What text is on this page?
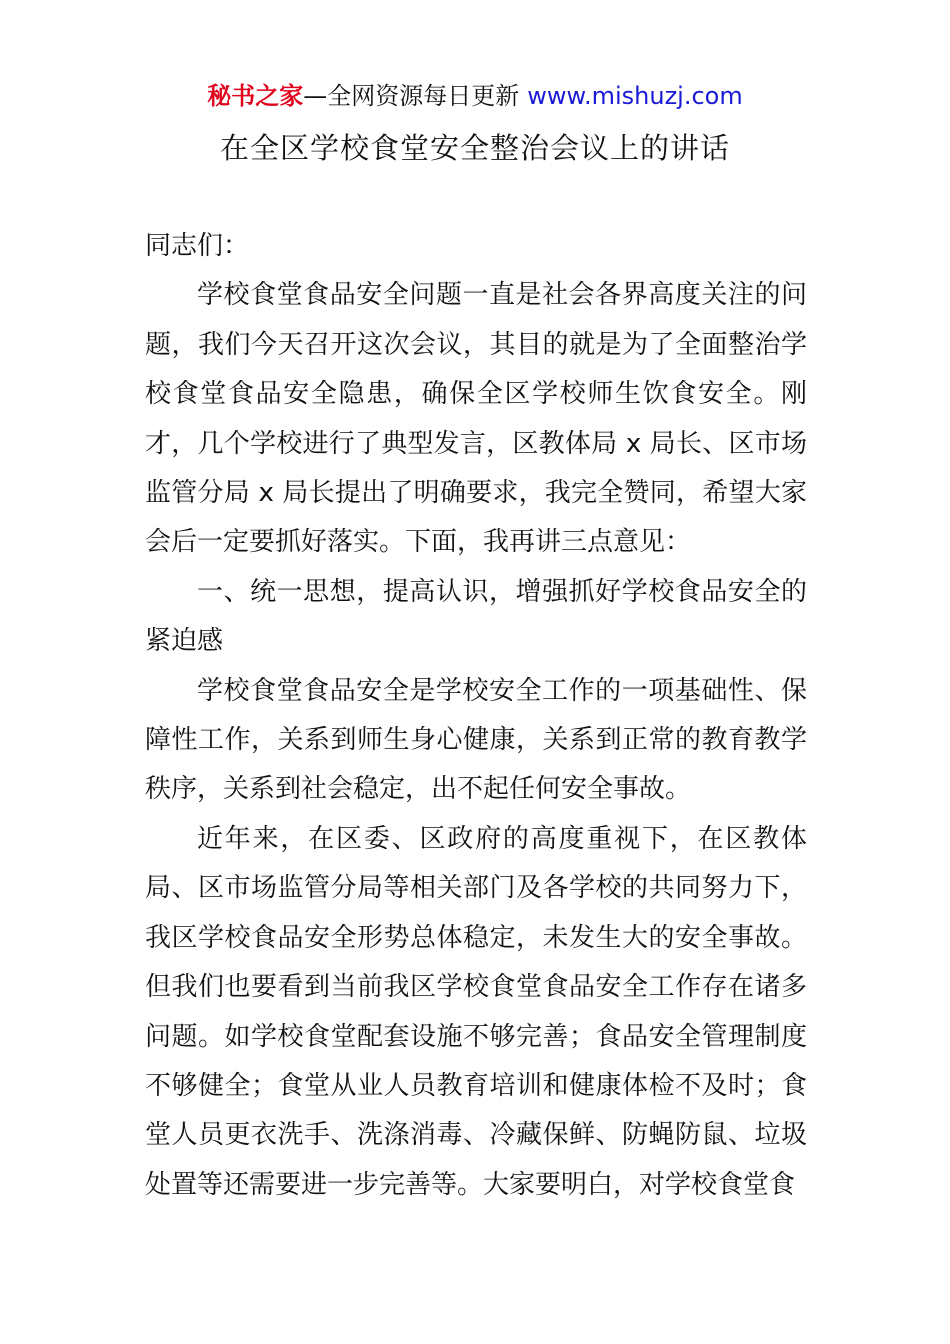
秘书之家—全网资源每日更新 www.mishuzj.com
在全区学校食堂安全整治会议上的讲话

同志们：

学校食堂食品安全问题一直是社会各界高度关注的问题，我们今天召开这次会议，其目的就是为了全面整治学校食堂食品安全隐患，确保全区学校师生饮食安全。刚才，几个学校进行了典型发言，区教体局 x 局长、区市场监管分局 x 局长提出了明确要求，我完全赞同，希望大家会后一定要抓好落实。下面，我再讲三点意见：

一、统一思想，提高认识，增强抓好学校食品安全的紧迫感

学校食堂食品安全是学校安全工作的一项基础性、保障性工作，关系到师生身心健康，关系到正常的教育教学秩序，关系到社会稳定，出不起任何安全事故。

近年来，在区委、区政府的高度重视下，在区教体局、区市场监管分局等相关部门及各学校的共同努力下，我区学校食品安全形势总体稳定，未发生大的安全事故。但我们也要看到当前我区学校食堂食品安全工作存在诸多问题。如学校食堂配套设施不够完善；食品安全管理制度不够健全；食堂从业人员教育培训和健康体检不及时；食堂人员更衣洗手、洗涤消毒、冷藏保鲜、防蝇防鼠、垃圾处置等还需要进一步完善等。大家要明白，对学校食堂食
